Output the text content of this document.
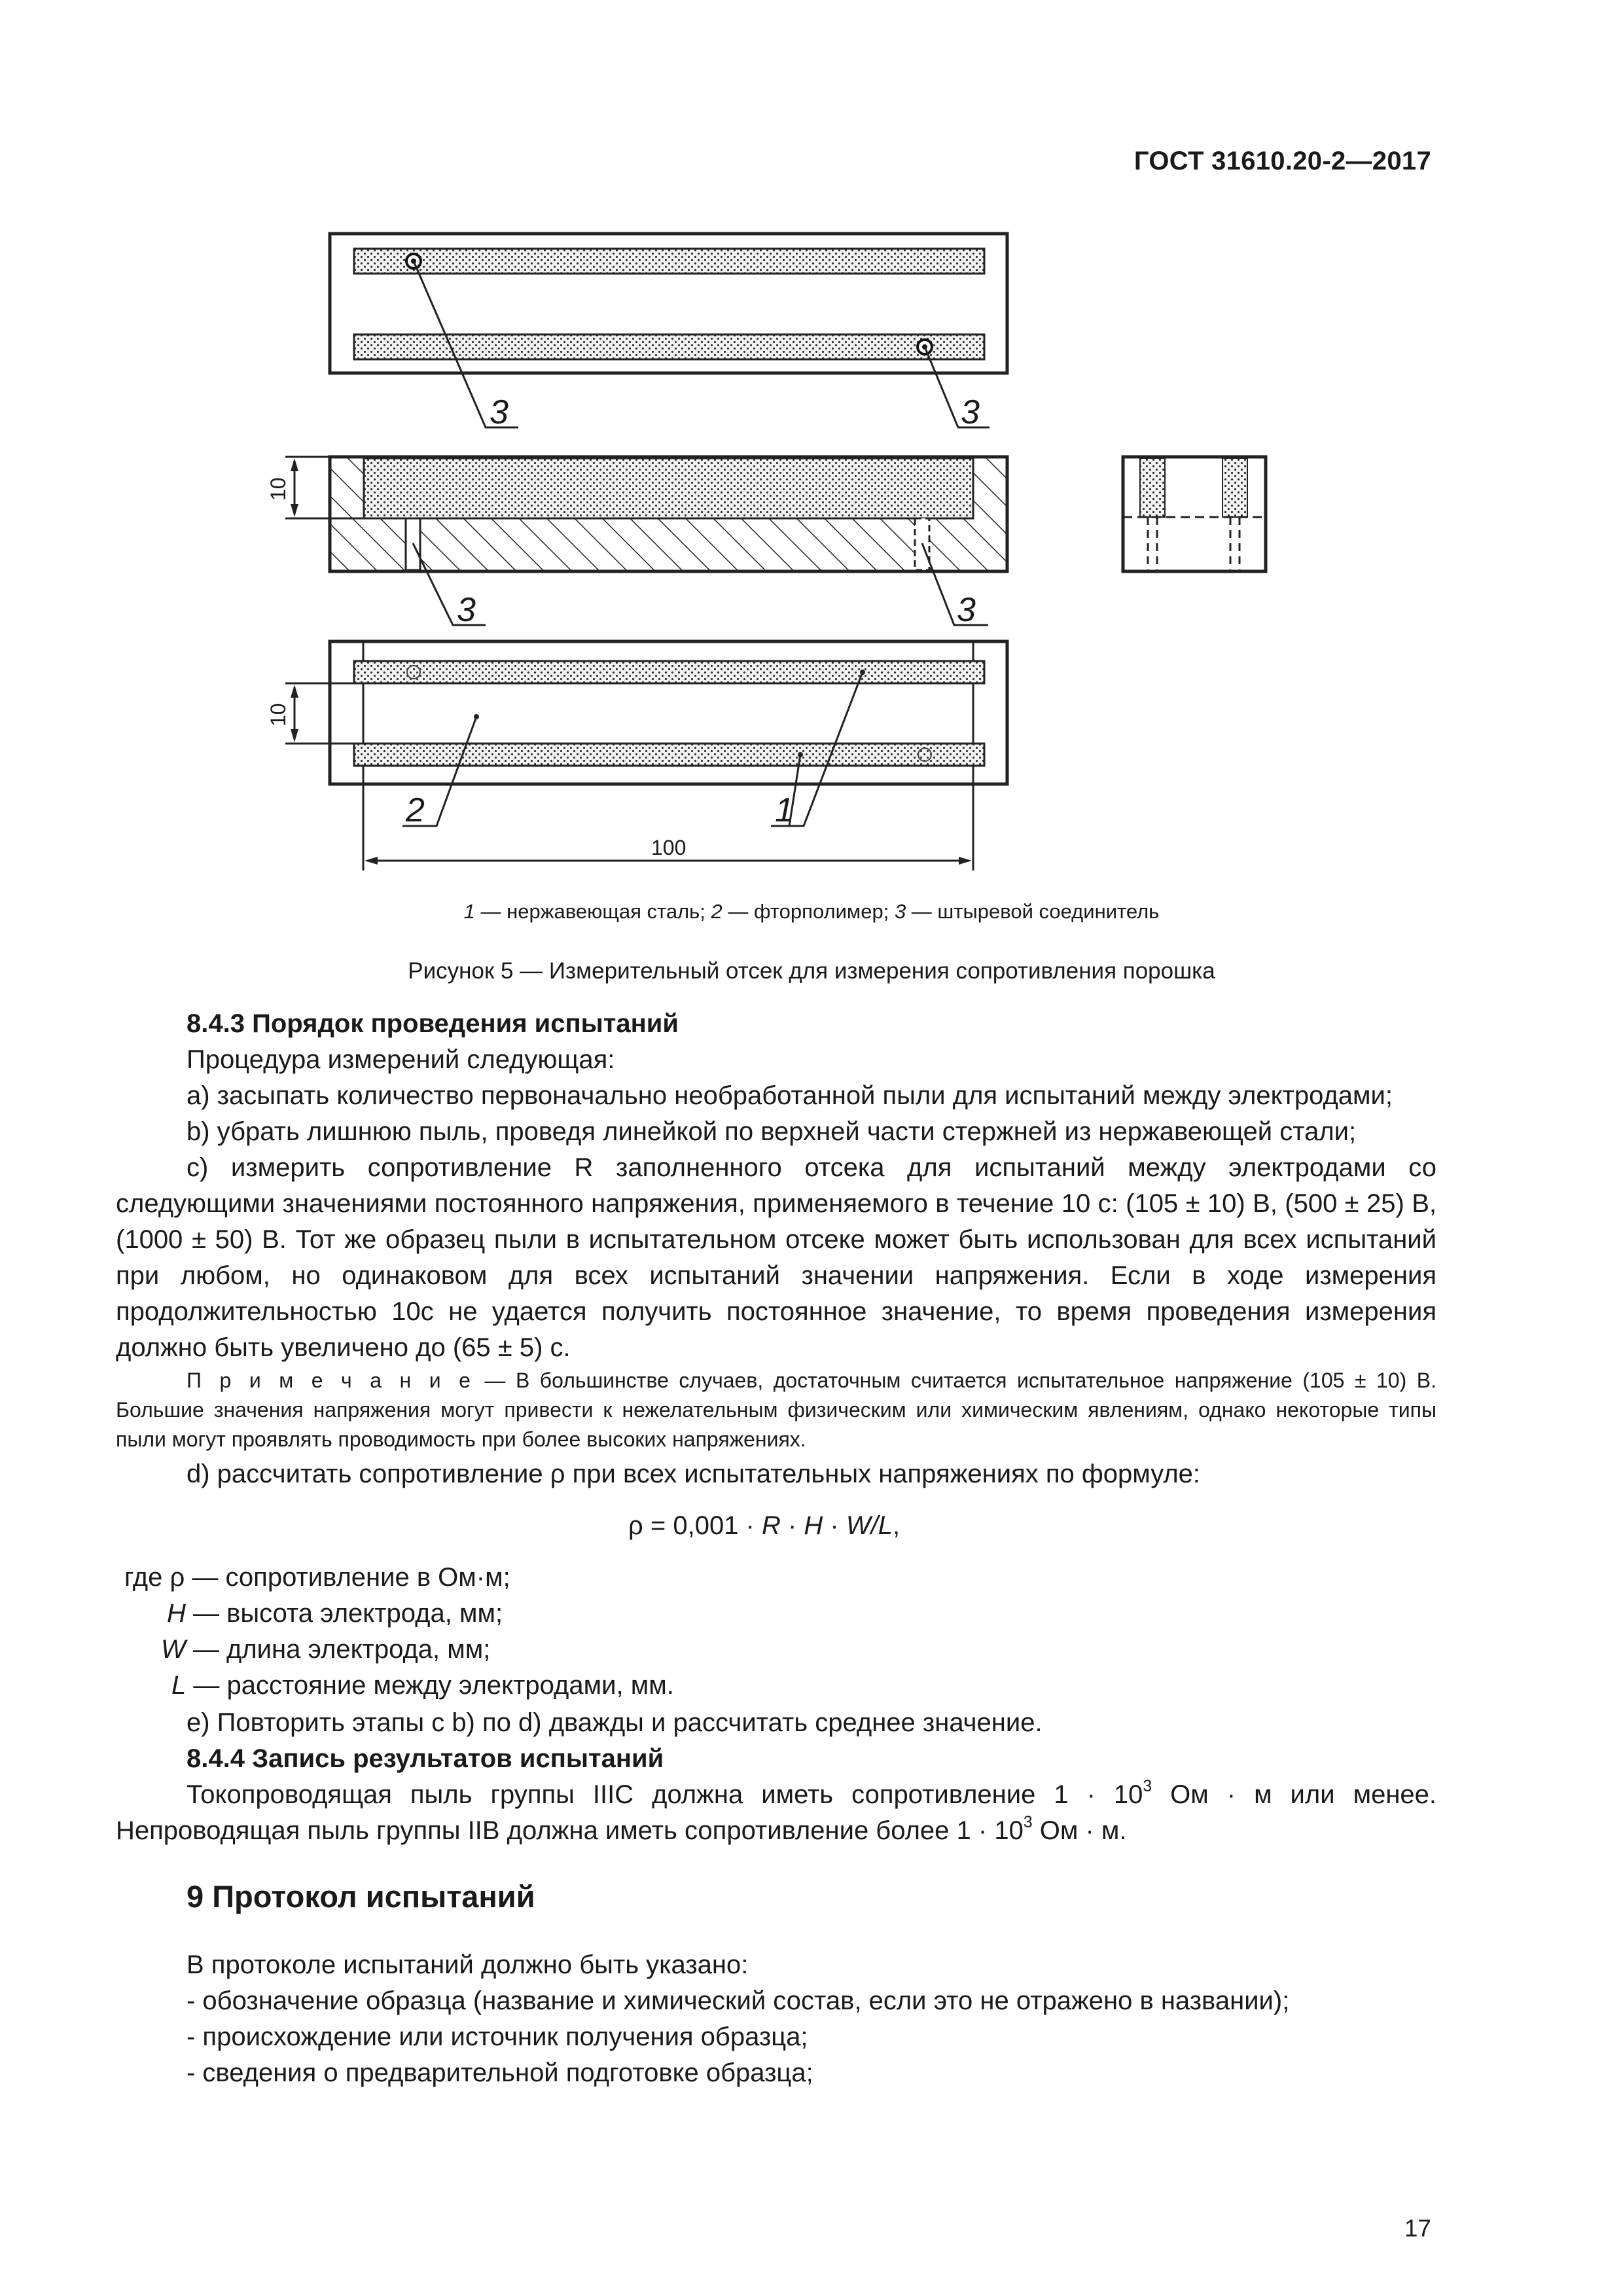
ГОСТ 31610.20-2—2017
3	3
3	3
10
2	1
10
100
1 — нержавеющая сталь; 2 — фторполимер; 3 — штыревой соединитель
Рисунок 5 — Измерительный отсек для измерения сопротивления порошка
8.4.3 Порядок проведения испытаний
Процедура измерений следующая:
a) засыпать количество первоначально необработанной пыли для испытаний между электродами;
b) убрать лишнюю пыль, проведя линейкой по верхней части стержней из нержавеющей стали;
c) измерить сопротивление R заполненного отсека для испытаний между электродами со следующими значениями постоянного напряжения, применяемого в течение 10 с: (105 ± 10) В, (500 ± 25) В, (1000 ± 50) В. Тот же образец пыли в испытательном отсеке может быть использован для всех испытаний при любом, но одинаковом для всех испытаний значении напряжения. Если в ходе измерения продолжительностью 10с не удается получить постоянное значение, то время проведения измерения должно быть увеличено до (65 ± 5) с.
П р и м е ч а н и е — В большинстве случаев, достаточным считается испытательное напряжение (105 ± 10) В. Большие значения напряжения могут привести к нежелательным физическим или химическим явлениям, однако некоторые типы пыли могут проявлять проводимость при более высоких напряжениях.
d) рассчитать сопротивление ρ при всех испытательных напряжениях по формуле:
ρ = 0,001 · R · H · W/L,
где ρ — сопротивление в Ом·м;
H — высота электрода, мм;
W — длина электрода, мм;
L — расстояние между электродами, мм.
e) Повторить этапы с b) по d) дважды и рассчитать среднее значение.
8.4.4 Запись результатов испытаний
Токопроводящая пыль группы IIIC должна иметь сопротивление $1 \cdot 10^3$ Ом · м или менее. Непроводящая пыль группы IIB должна иметь сопротивление более $1 \cdot 10^3$ Ом · м.
9 Протокол испытаний
В протоколе испытаний должно быть указано:
- обозначение образца (название и химический состав, если это не отражено в названии);
- происхождение или источник получения образца;
- сведения о предварительной подготовке образца;
17
